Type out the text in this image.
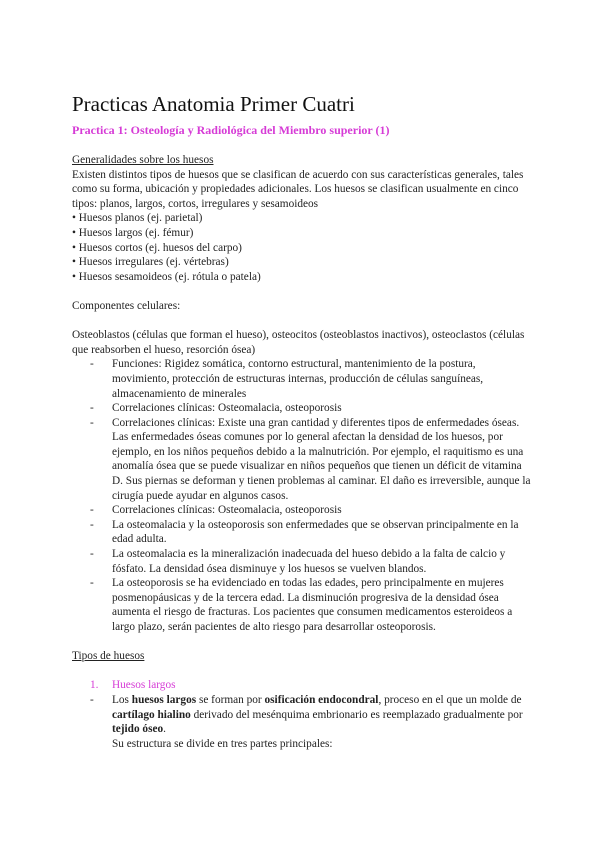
Practicas Anatomia Primer Cuatri
Practica 1: Osteología y Radiológica del Miembro superior (1)

Generalidades sobre los huesos

Existen distintos tipos de huesos que se clasifican de acuerdo con sus características generales, tales como su forma, ubicación y propiedades adicionales. Los huesos se clasifican usualmente en cinco tipos: planos, largos, cortos, irregulares y sesamoideos

• Huesos planos (ej. parietal)

• Huesos largos (ej. fémur)

• Huesos cortos (ej. huesos del carpo)

• Huesos irregulares (ej. vértebras)

• Huesos sesamoideos (ej. rótula o patela)

Componentes celulares:

Osteoblastos (células que forman el hueso), osteocitos (osteoblastos inactivos), osteoclastos (células que reabsorben el hueso, resorción ósea)

- Funciones: Rigidez somática, contorno estructural, mantenimiento de la postura, movimiento, protección de estructuras internas, producción de células sanguíneas, almacenamiento de minerales
- Correlaciones clínicas: Osteomalacia, osteoporosis
- Correlaciones clínicas: Existe una gran cantidad y diferentes tipos de enfermedades óseas. Las enfermedades óseas comunes por lo general afectan la densidad de los huesos, por ejemplo, en los niños pequeños debido a la malnutrición. Por ejemplo, el raquitismo es una anomalía ósea que se puede visualizar en niños pequeños que tienen un déficit de vitamina D. Sus piernas se deforman y tienen problemas al caminar. El daño es irreversible, aunque la cirugía puede ayudar en algunos casos.
- Correlaciones clínicas: Osteomalacia, osteoporosis
- La osteomalacia y la osteoporosis son enfermedades que se observan principalmente en la edad adulta.
- La osteomalacia es la mineralización inadecuada del hueso debido a la falta de calcio y fósfato. La densidad ósea disminuye y los huesos se vuelven blandos.
- La osteoporosis se ha evidenciado en todas las edades, pero principalmente en mujeres posmenopáusicas y de la tercera edad. La disminución progresiva de la densidad ósea aumenta el riesgo de fracturas. Los pacientes que consumen medicamentos esteroideos a largo plazo, serán pacientes de alto riesgo para desarrollar osteoporosis.

Tipos de huesos

1. Huesos largos
- Los huesos largos se forman por osificación endocondral, proceso en el que un molde de cartílago hialino derivado del mesénquima embrionario es reemplazado gradualmente por tejido óseo.

Su estructura se divide en tres partes principales:
